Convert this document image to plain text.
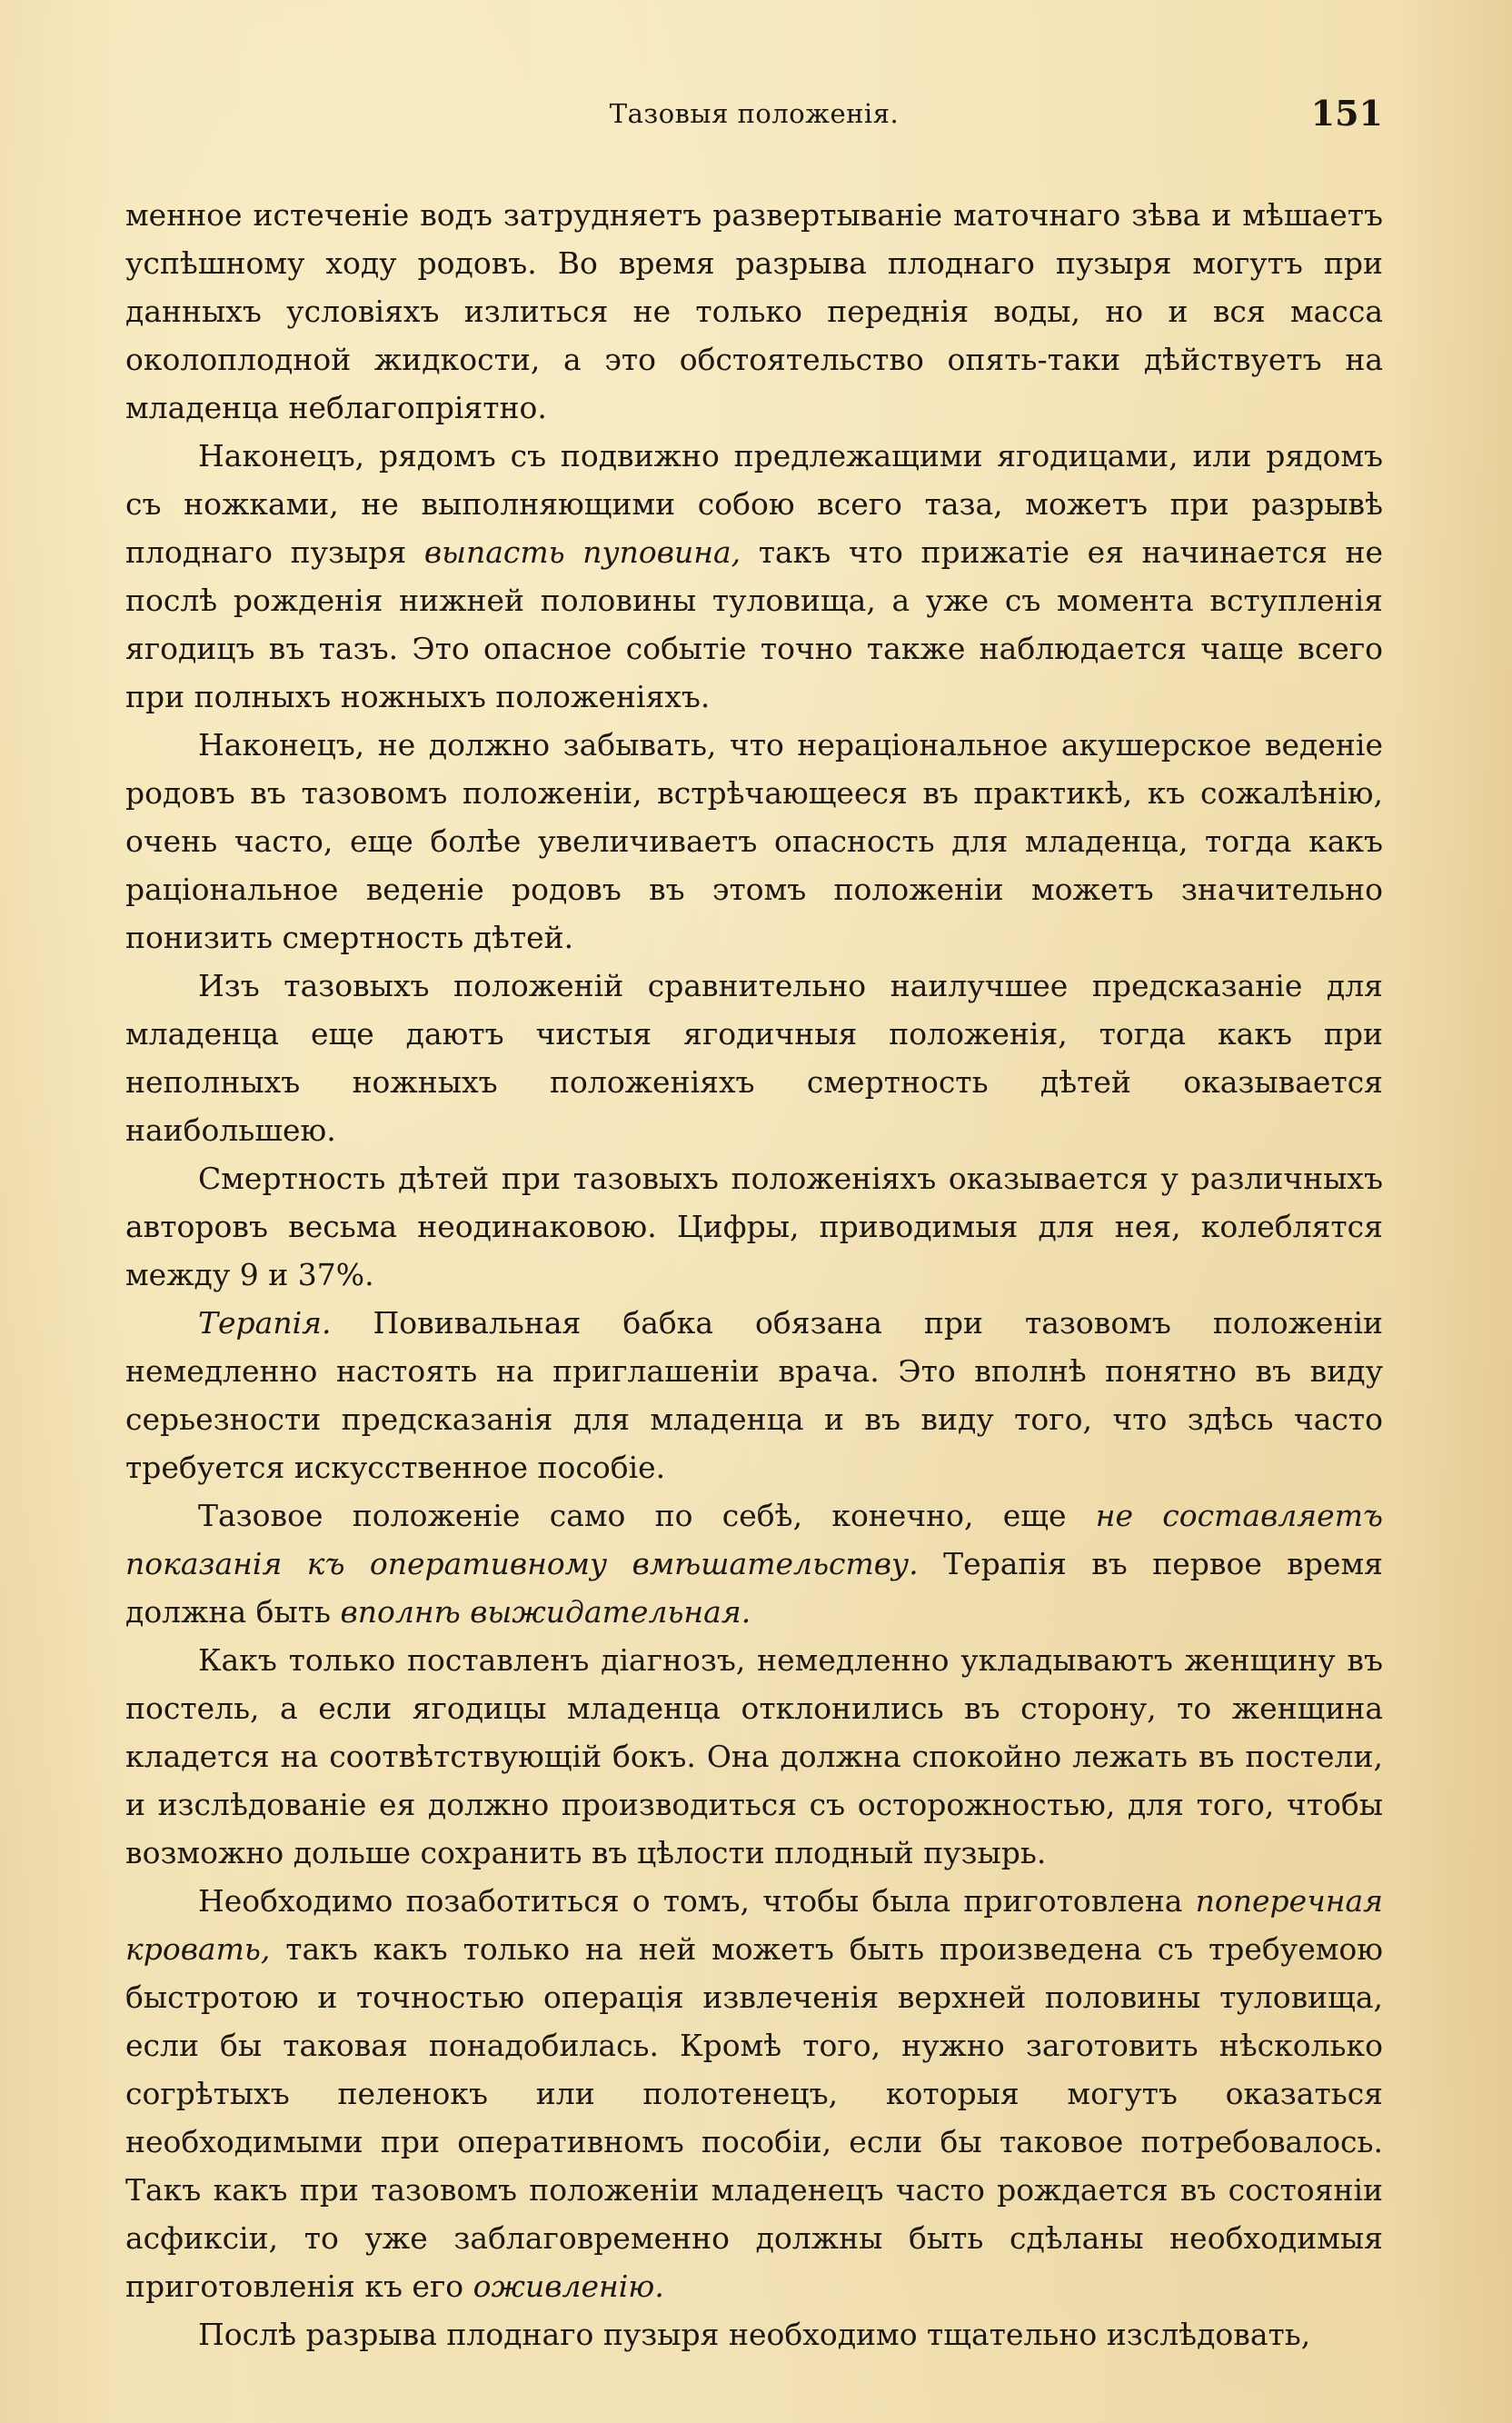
Тазовыя положенія.	151

менное истеченіе водъ затрудняетъ развертываніе маточнаго зѣва и мѣшаетъ успѣшному ходу родовъ. Во время разрыва плоднаго пузыря могутъ при данныхъ условіяхъ излиться не только переднія воды, но и вся масса околоплодной жидкости, а это обстоятельство опять-таки дѣйствуетъ на младенца неблагопріятно.

Наконецъ, рядомъ съ подвижно предлежащими ягодицами, или рядомъ съ ножками, не выполняющими собою всего таза, можетъ при разрывѣ плоднаго пузыря выпасть пуповина, такъ что прижатіе ея начинается не послѣ рожденія нижней половины туловища, а уже съ момента вступленія ягодицъ въ тазъ. Это опасное событіе точно также наблюдается чаще всего при полныхъ ножныхъ положеніяхъ.

Наконецъ, не должно забывать, что нераціональное акушерское веденіе родовъ въ тазовомъ положеніи, встрѣчающееся въ практикѣ, къ сожалѣнію, очень часто, еще болѣе увеличиваетъ опасность для младенца, тогда какъ раціональное веденіе родовъ въ этомъ положеніи можетъ значительно понизить смертность дѣтей.

Изъ тазовыхъ положеній сравнительно наилучшее предсказаніе для младенца еще даютъ чистыя ягодичныя положенія, тогда какъ при неполныхъ ножныхъ положеніяхъ смертность дѣтей оказывается наибольшею.

Смертность дѣтей при тазовыхъ положеніяхъ оказывается у различныхъ авторовъ весьма неодинаковою. Цифры, приводимыя для нея, колеблятся между 9 и 37%.

Терапія. Повивальная бабка обязана при тазовомъ положеніи немедленно настоять на приглашеніи врача. Это вполнѣ понятно въ виду серьезности предсказанія для младенца и въ виду того, что здѣсь часто требуется искусственное пособіе.

Тазовое положеніе само по себѣ, конечно, еще не составляетъ показанія къ оперативному вмѣшательству. Терапія въ первое время должна быть вполнѣ выжидательная.

Какъ только поставленъ діагнозъ, немедленно укладываютъ женщину въ постель, а если ягодицы младенца отклонились въ сторону, то женщина кладется на соотвѣтствующій бокъ. Она должна спокойно лежать въ постели, и изслѣдованіе ея должно производиться съ осторожностью, для того, чтобы возможно дольше сохранить въ цѣлости плодный пузырь.

Необходимо позаботиться о томъ, чтобы была приготовлена поперечная кровать, такъ какъ только на ней можетъ быть произведена съ требуемою быстротою и точностью операція извлеченія верхней половины туловища, если бы таковая понадобилась. Кромѣ того, нужно заготовить нѣсколько согрѣтыхъ пеленокъ или полотенецъ, которыя могутъ оказаться необходимыми при оперативномъ пособіи, если бы таковое потребовалось. Такъ какъ при тазовомъ положеніи младенецъ часто рождается въ состояніи асфиксіи, то уже заблаговременно должны быть сдѣланы необходимыя приготовленія къ его оживленію.

Послѣ разрыва плоднаго пузыря необходимо тщательно изслѣдовать,
